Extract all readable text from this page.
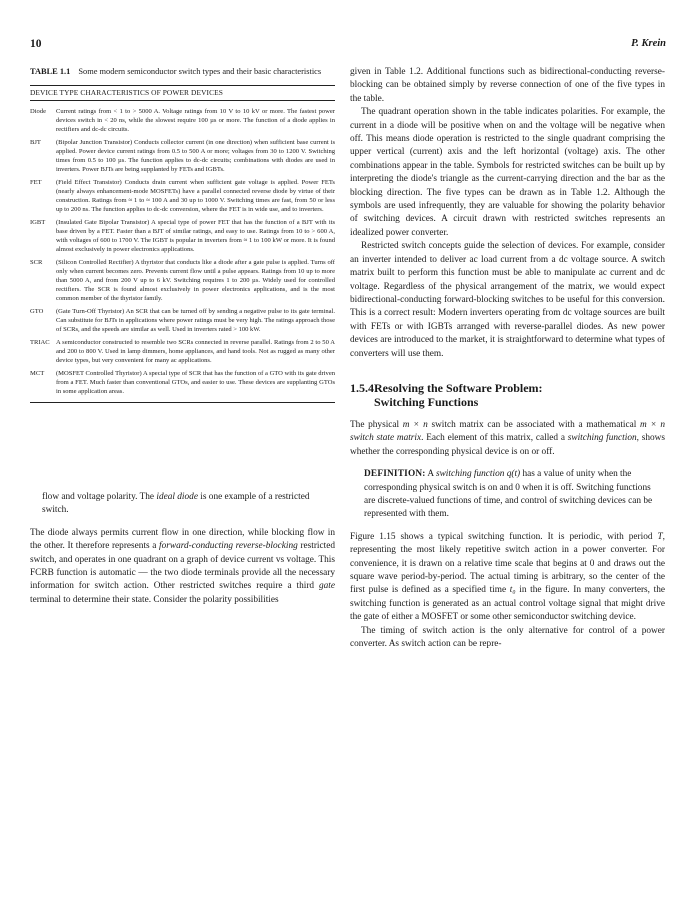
10	P. Krein

TABLE 1.1 Some modern semiconductor switch types and their basic characteristics

DEVICE TYPE CHARACTERISTICS OF POWER DEVICES
Diode	Current ratings from < 1 to > 5000 A. Voltage ratings from 10 V to 10 kV or more. The fastest power devices switch in < 20 ns, while the slowest require 100 µs or more. The function of a diode applies in rectifiers and dc-dc circuits.
BJT	(Bipolar Junction Transistor) Conducts collector current (in one direction) when sufficient base current is applied. Power device current ratings from 0.5 to 500 A or more; voltages from 30 to 1200 V. Switching times from 0.5 to 100 µs. The function applies to dc-dc circuits; combinations with diodes are used in inverters. Power BJTs are being supplanted by FETs and IGBTs.
FET	(Field Effect Transistor) Conducts drain current when sufficient gate voltage is applied. Power FETs (nearly always enhancement-mode MOSFETs) have a parallel connected reverse diode by virtue of their construction. Ratings from ≈ 1 to ≈ 100 A and 30 up to 1000 V. Switching times are fast, from 50 or less up to 200 ns. The function applies to dc-dc conversion, where the FET is in wide use, and to inverters.
IGBT	(Insulated Gate Bipolar Transistor) A special type of power FET that has the function of a BJT with its base driven by a FET. Faster than a BJT of similar ratings, and easy to use. Ratings from 10 to > 600 A, with voltages of 600 to 1700 V. The IGBT is popular in inverters from ≈ 1 to 100 kW or more. It is found almost exclusively in power electronics applications.
SCR	(Silicon Controlled Rectifier) A thyristor that conducts like a diode after a gate pulse is applied. Turns off only when current becomes zero. Prevents current flow until a pulse appears. Ratings from 10 up to more than 5000 A, and from 200 V up to 6 kV. Switching requires 1 to 200 µs. Widely used for controlled rectifiers. The SCR is found almost exclusively in power electronics applications, and is the most common member of the thyristor family.
GTO	(Gate Turn-Off Thyristor) An SCR that can be turned off by sending a negative pulse to its gate terminal. Can substitute for BJTs in applications where power ratings must be very high. The ratings approach those of SCRs, and the speeds are similar as well. Used in inverters rated > 100 kW.
TRIAC	A semiconductor constructed to resemble two SCRs connected in reverse parallel. Ratings from 2 to 50 A and 200 to 800 V. Used in lamp dimmers, home appliances, and hand tools. Not as rugged as many other device types, but very convenient for many ac applications.
MCT	(MOSFET Controlled Thyristor) A special type of SCR that has the function of a GTO with its gate driven from a FET. Much faster than conventional GTOs, and easier to use. These devices are supplanting GTOs in some application areas.

flow and voltage polarity. The ideal diode is one example of a restricted switch.

The diode always permits current flow in one direction, while blocking flow in the other. It therefore represents a forward-conducting reverse-blocking restricted switch, and operates in one quadrant on a graph of device current vs voltage. This FCRB function is automatic — the two diode terminals provide all the necessary information for switch action. Other restricted switches require a third gate terminal to determine their state. Consider the polarity possibilities

given in Table 1.2. Additional functions such as bidirectional-conducting reverse-blocking can be obtained simply by reverse connection of one of the five types in the table.

The quadrant operation shown in the table indicates polarities. For example, the current in a diode will be positive when on and the voltage will be negative when off. This means diode operation is restricted to the single quadrant comprising the upper vertical (current) axis and the left horizontal (voltage) axis. The other combinations appear in the table. Symbols for restricted switches can be built up by interpreting the diode's triangle as the current-carrying direction and the bar as the blocking direction. The five types can be drawn as in Table 1.2. Although the symbols are used infrequently, they are valuable for showing the polarity behavior of switching devices. A circuit drawn with restricted switches represents an idealized power converter.

Restricted switch concepts guide the selection of devices. For example, consider an inverter intended to deliver ac load current from a dc voltage source. A switch matrix built to perform this function must be able to manipulate ac current and dc voltage. Regardless of the physical arrangement of the matrix, we would expect bidirectional-conducting forward-blocking switches to be useful for this conversion. This is a correct result: Modern inverters operating from dc voltage sources are built with FETs or with IGBTs arranged with reverse-parallel diodes. As new power devices are introduced to the market, it is straightforward to determine what types of converters will use them.

1.5.4Resolving the Software Problem:
Switching Functions

The physical m × n switch matrix can be associated with a mathematical m × n switch state matrix. Each element of this matrix, called a switching function, shows whether the corresponding physical device is on or off.

DEFINITION: A switching function q(t) has a value of unity when the corresponding physical switch is on and 0 when it is off. Switching functions are discrete-valued functions of time, and control of switching devices can be represented with them.

Figure 1.15 shows a typical switching function. It is periodic, with period T, representing the most likely repetitive switch action in a power converter. For convenience, it is drawn on a relative time scale that begins at 0 and draws out the square wave period-by-period. The actual timing is arbitrary, so the center of the first pulse is defined as a specified time t₀ in the figure. In many converters, the switching function is generated as an actual control voltage signal that might drive the gate of either a MOSFET or some other semiconductor switching device.

The timing of switch action is the only alternative for control of a power converter. As switch action can be repre-
